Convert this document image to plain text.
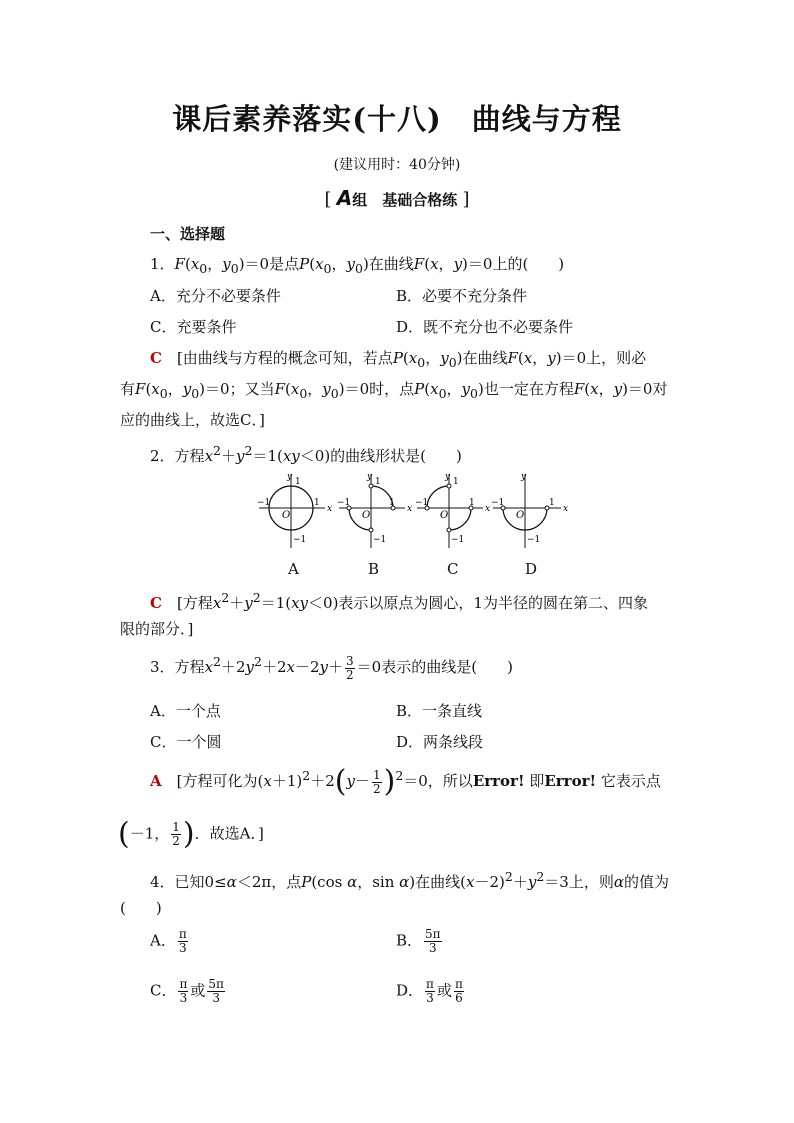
课后素养落实(十八)　曲线与方程
(建议用时：40分钟)
[ A组　基础合格练 ]
一、选择题
1．$F(x_0$，$y_0)=0$是点$P(x_0$，$y_0$)在曲线F(x，y)＝0上的(　　)
A．充分不必要条件	B．必要不充分条件
C．充要条件	D．既不充分也不必要条件
C　[由曲线与方程的概念可知，若点$P(x_0$，$y_0$)在曲线F(x，y)＝0上，则必
有$F(x_0$，$y_0)=0$；又当$F(x_0$，$y_0)=0$时，点$P(x_0$，$y_0$)也一定在方程F(x，y)＝0对
应的曲线上，故选C．]
2．方程$x^2+y^2=1(xy<0)$的曲线形状是(　　)
y
x
1
1
−1
−1
O
y
x
1
1
−1
−1
O
y
x
1
1
−1
−1
O
y
x
−1	1
−1
O
A	B	C	D
C　[方程$x^2+y^2=1(xy<0)$表示以原点为圆心，1为半径的圆在第二、四象
限的部分．]
3．方程$x^2+2y^2+2x-2y+ \frac{3}{2} =0$表示的曲线是(　　)
A．一个点	B．一条直线
C．一个圆	D．两条线段
A　[方程可化为$(x+1)^2+2(y- \frac{1}{2} )^2=0$，所以Error! 即Error! 它表示点
(－1， $\frac{1}{2}$ )．故选A．]
4．已知0≤α＜2π，点P(cos α，sin α)在曲线$(x-2)^2+y^2=3$上，则α的值为
(　　)
A． $\frac{\pi}{3}$	B． $\frac{5\pi}{3}$
C． $\frac{\pi}{3}$ 或 $\frac{5\pi}{3}$	D． $\frac{\pi}{3}$ 或 $\frac{\pi}{6}$
